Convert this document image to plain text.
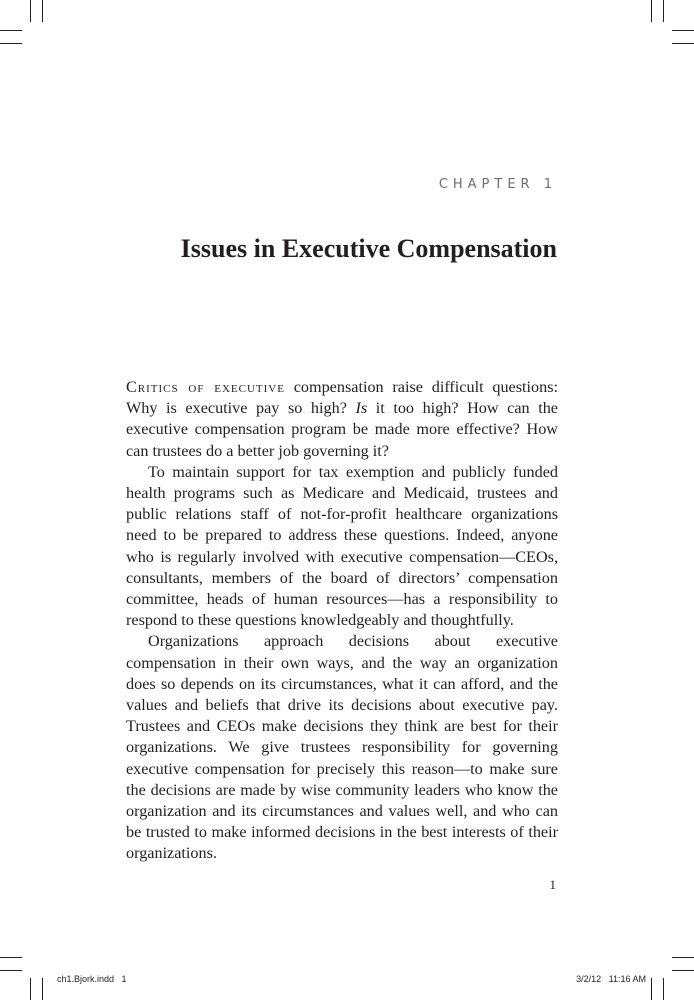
CHAPTER 1

Issues in Executive Compensation

Critics of executive compensation raise difficult questions: Why is executive pay so high? Is it too high? How can the executive compensation program be made more effective? How can trustees do a better job governing it?

To maintain support for tax exemption and publicly funded health programs such as Medicare and Medicaid, trustees and public relations staff of not-for-profit healthcare organizations need to be prepared to address these questions. Indeed, anyone who is regularly involved with executive compensation—CEOs, consultants, members of the board of directors’ compensation committee, heads of human resources—has a responsibility to respond to these questions knowledgeably and thoughtfully.

Organizations approach decisions about executive compensation in their own ways, and the way an organization does so depends on its circumstances, what it can afford, and the values and beliefs that drive its decisions about executive pay. Trustees and CEOs make decisions they think are best for their organizations. We give trustees responsibility for governing executive compensation for precisely this reason—to make sure the decisions are made by wise community leaders who know the organization and its circumstances and values well, and who can be trusted to make informed decisions in the best interests of their organizations.

1

ch1.Bjork.indd   1	3/2/12   11:16 AM
